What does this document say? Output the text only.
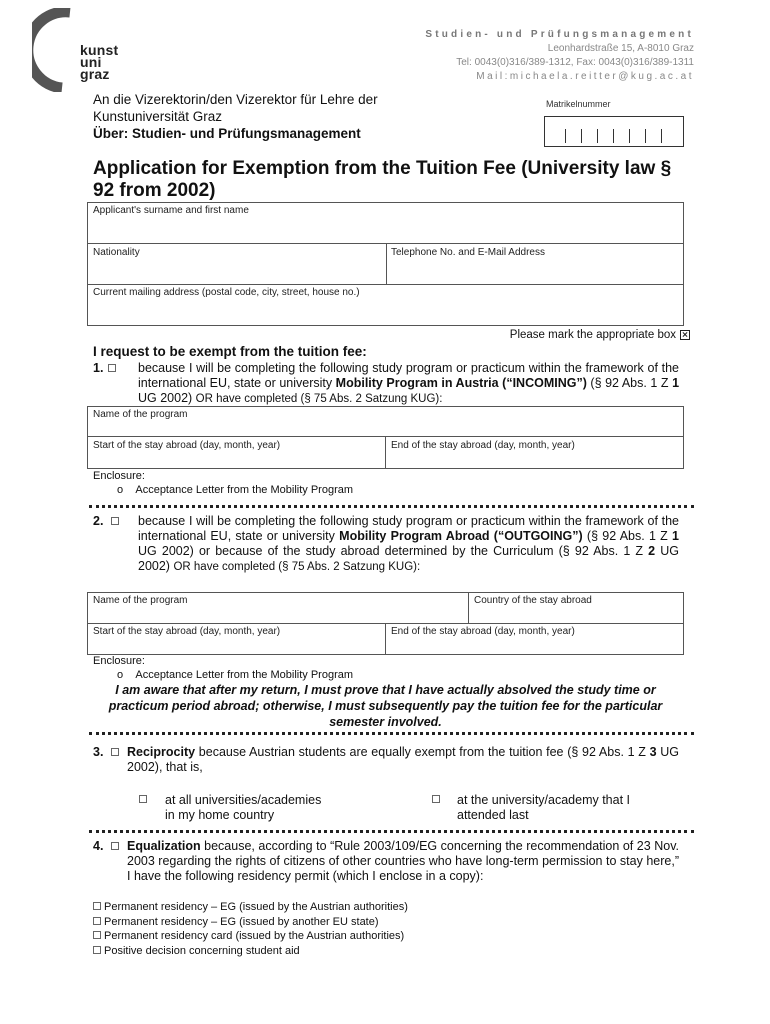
kunst
uni
graz
Studien- und Prüfungsmanagement
Leonhardstraße 15, A-8010 Graz
Tel: 0043(0)316/389-1312, Fax: 0043(0)316/389-1311
Mail:michaela.reitter@kug.ac.at
An die Vizerektorin/den Vizerektor für Lehre der
Kunstuniversität Graz
Über: Studien- und Prüfungsmanagement
Matrikelnummer
Application for Exemption from the Tuition Fee (University law § 92 from 2002)
Applicant's surname and first name
Nationality	Telephone No. and E-Mail Address
Current mailing address (postal code, city, street, house no.)
Please mark the appropriate box
I request to be exempt from the tuition fee:
1.	because I will be completing the following study program or practicum within the framework of the international EU, state or university Mobility Program in Austria (“INCOMING”) (§ 92 Abs. 1 Z 1 UG 2002) OR have completed (§ 75 Abs. 2 Satzung KUG):
Name of the program
Start of the stay abroad (day, month, year)	End of the stay abroad (day, month, year)
Enclosure:
o Acceptance Letter from the Mobility Program
2.	because I will be completing the following study program or practicum within the framework of the international EU, state or university Mobility Program Abroad (“OUTGOING”) (§ 92 Abs. 1 Z 1 UG 2002) or because of the study abroad determined by the Curriculum (§ 92 Abs. 1 Z 2 UG 2002) OR have completed (§ 75 Abs. 2 Satzung KUG):
Name of the program	Country of the stay abroad
Start of the stay abroad (day, month, year)	End of the stay abroad (day, month, year)
Enclosure:
o Acceptance Letter from the Mobility Program
I am aware that after my return, I must prove that I have actually absolved the study time or practicum period abroad; otherwise, I must subsequently pay the tuition fee for the particular semester involved.
3. Reciprocity because Austrian students are equally exempt from the tuition fee (§ 92 Abs. 1 Z 3 UG 2002), that is,
at all universities/academies
in my home country
at the university/academy that I
attended last
4. Equalization because, according to “Rule 2003/109/EG concerning the recommendation of 23 Nov. 2003 regarding the rights of citizens of other countries who have long-term permission to stay here,” I have the following residency permit (which I enclose in a copy):
Permanent residency – EG (issued by the Austrian authorities)
Permanent residency – EG (issued by another EU state)
Permanent residency card (issued by the Austrian authorities)
Positive decision concerning student aid
